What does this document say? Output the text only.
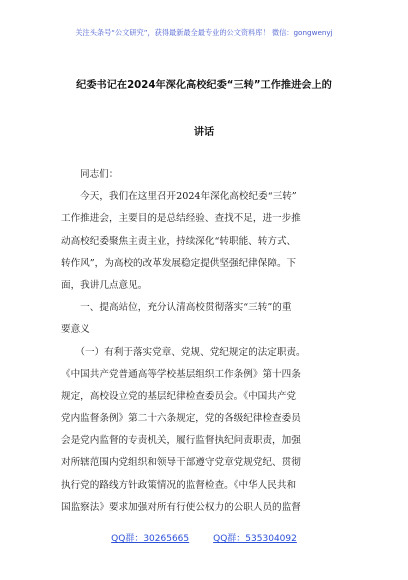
关注头条号“公文研究”，获得最新最全最专业的公文资料库！ 微信：gongwenyj
纪委书记在2024年深化高校纪委“三转”工作推进会上的
讲话
同志们：
　　今天，我们在这里召开2024年深化高校纪委“三转”
工作推进会，主要目的是总结经验、查找不足，进一步推
动高校纪委聚焦主责主业，持续深化“转职能、转方式、
转作风”，为高校的改革发展稳定提供坚强纪律保障。下
面，我讲几点意见。
　　一、提高站位，充分认清高校贯彻落实“三转”的重
要意义
　　（一）有利于落实党章、党规、党纪规定的法定职责。
《中国共产党普通高等学校基层组织工作条例》第十四条
规定，高校设立党的基层纪律检查委员会。《中国共产党
党内监督条例》第二十六条规定，党的各级纪律检查委员
会是党内监督的专责机关，履行监督执纪问责职责，加强
对所辖范围内党组织和领导干部遵守党章党规党纪、贯彻
执行党的路线方针政策情况的监督检查。《中华人民共和
国监察法》要求加强对所有行使公权力的公职人员的监督
QQ群：30265665	QQ群：535304092
